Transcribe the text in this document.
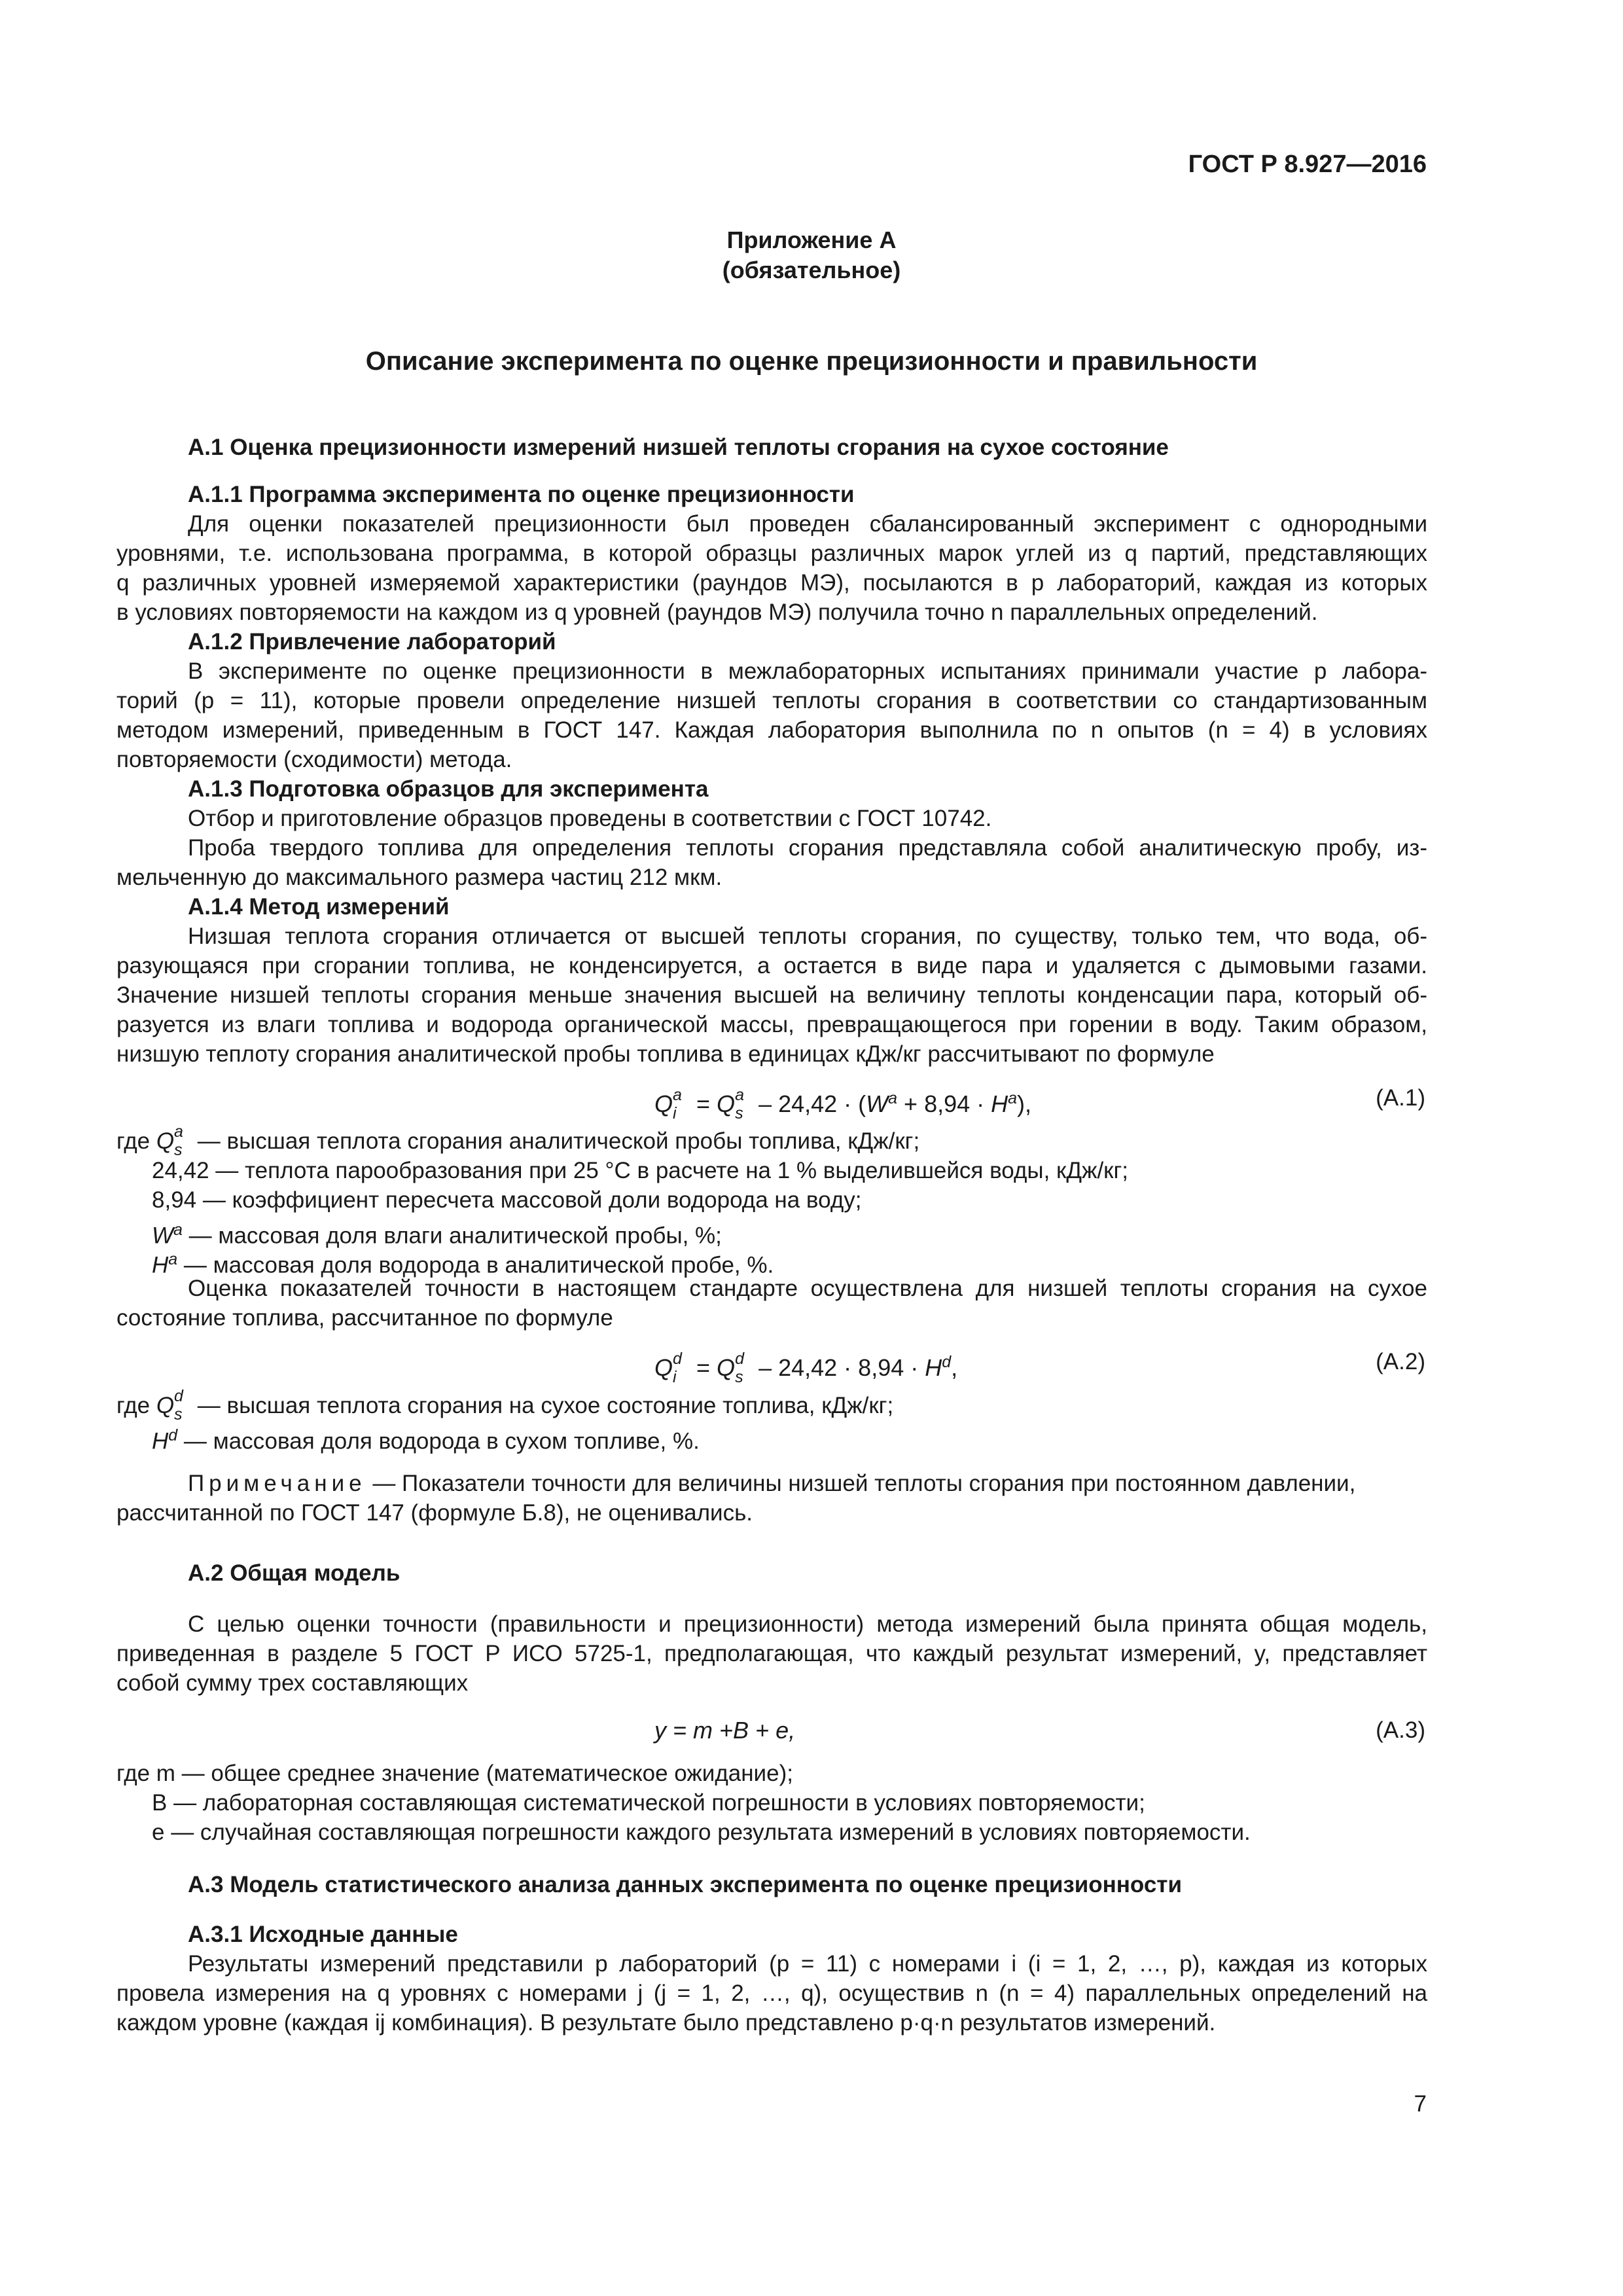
ГОСТ Р 8.927—2016
Приложение А
(обязательное)
Описание эксперимента по оценке прецизионности и правильности
А.1 Оценка прецизионности измерений низшей теплоты сгорания на сухое состояние
А.1.1 Программа эксперимента по оценке прецизионности
Для оценки показателей прецизионности был проведен сбалансированный эксперимент с однородными
уровнями, т.е. использована программа, в которой образцы различных марок углей из q партий, представляющих
q различных уровней измеряемой характеристики (раундов МЭ), посылаются в p лабораторий, каждая из которых
в условиях повторяемости на каждом из q уровней (раундов МЭ) получила точно n параллельных определений.
А.1.2 Привлечение лабораторий
В эксперименте по оценке прецизионности в межлабораторных испытаниях принимали участие p лабора-
торий (p = 11), которые провели определение низшей теплоты сгорания в соответствии со стандартизованным
методом измерений, приведенным в ГОСТ 147. Каждая лаборатория выполнила по n опытов (n = 4) в условиях
повторяемости (сходимости) метода.
А.1.3 Подготовка образцов для эксперимента
Отбор и приготовление образцов проведены в соответствии с ГОСТ 10742.
Проба твердого топлива для определения теплоты сгорания представляла собой аналитическую пробу, из-
мельченную до максимального размера частиц 212 мкм.
А.1.4 Метод измерений
Низшая теплота сгорания отличается от высшей теплоты сгорания, по существу, только тем, что вода, об-
разующаяся при сгорании топлива, не конденсируется, а остается в виде пара и удаляется с дымовыми газами.
Значение низшей теплоты сгорания меньше значения высшей на величину теплоты конденсации пара, который об-
разуется из влаги топлива и водорода органической массы, превращающегося при горении в воду. Таким образом,
низшую теплоту сгорания аналитической пробы топлива в единицах кДж/кг рассчитывают по формуле
Q a
i = Q a
$s - 24,42 \cdot (W^a + 8,94 \cdot H^a)$,	(А.1)
где Q a
s — высшая теплота сгорания аналитической пробы топлива, кДж/кг;
24,42 — теплота парообразования при 25 °С в расчете на 1 % выделившейся воды, кДж/кг;
8,94 — коэффициент пересчета массовой доли водорода на воду;
$W^a$ — массовая доля влаги аналитической пробы, %;
$H^a$ — массовая доля водорода в аналитической пробе, %.
Оценка показателей точности в настоящем стандарте осуществлена для низшей теплоты сгорания на сухое
состояние топлива, рассчитанное по формуле
Q d
i = Q d
$s - 24,42 \cdot 8,94 \cdot H^d$,	(А.2)
где Q d
s — высшая теплота сгорания на сухое состояние топлива, кДж/кг;
$H^d$ — массовая доля водорода в сухом топливе, %.
Примечание — Показатели точности для величины низшей теплоты сгорания при постоянном давлении,
рассчитанной по ГОСТ 147 (формуле Б.8), не оценивались.
А.2 Общая модель
С целью оценки точности (правильности и прецизионности) метода измерений была принята общая модель,
приведенная в разделе 5 ГОСТ Р ИСО 5725-1, предполагающая, что каждый результат измерений, y, представляет
собой сумму трех составляющих
y = m +B + e,	(А.3)
где m — общее среднее значение (математическое ожидание);
B — лабораторная составляющая систематической погрешности в условиях повторяемости;
e — случайная составляющая погрешности каждого результата измерений в условиях повторяемости.
А.3 Модель статистического анализа данных эксперимента по оценке прецизионности
А.3.1 Исходные данные
Результаты измерений представили p лабораторий (p = 11) с номерами i (i = 1, 2, …, p), каждая из которых
провела измерения на q уровнях с номерами j (j = 1, 2, …, q), осуществив n (n = 4) параллельных определений на
каждом уровне (каждая ij комбинация). В результате было представлено p·q·n результатов измерений.
7
